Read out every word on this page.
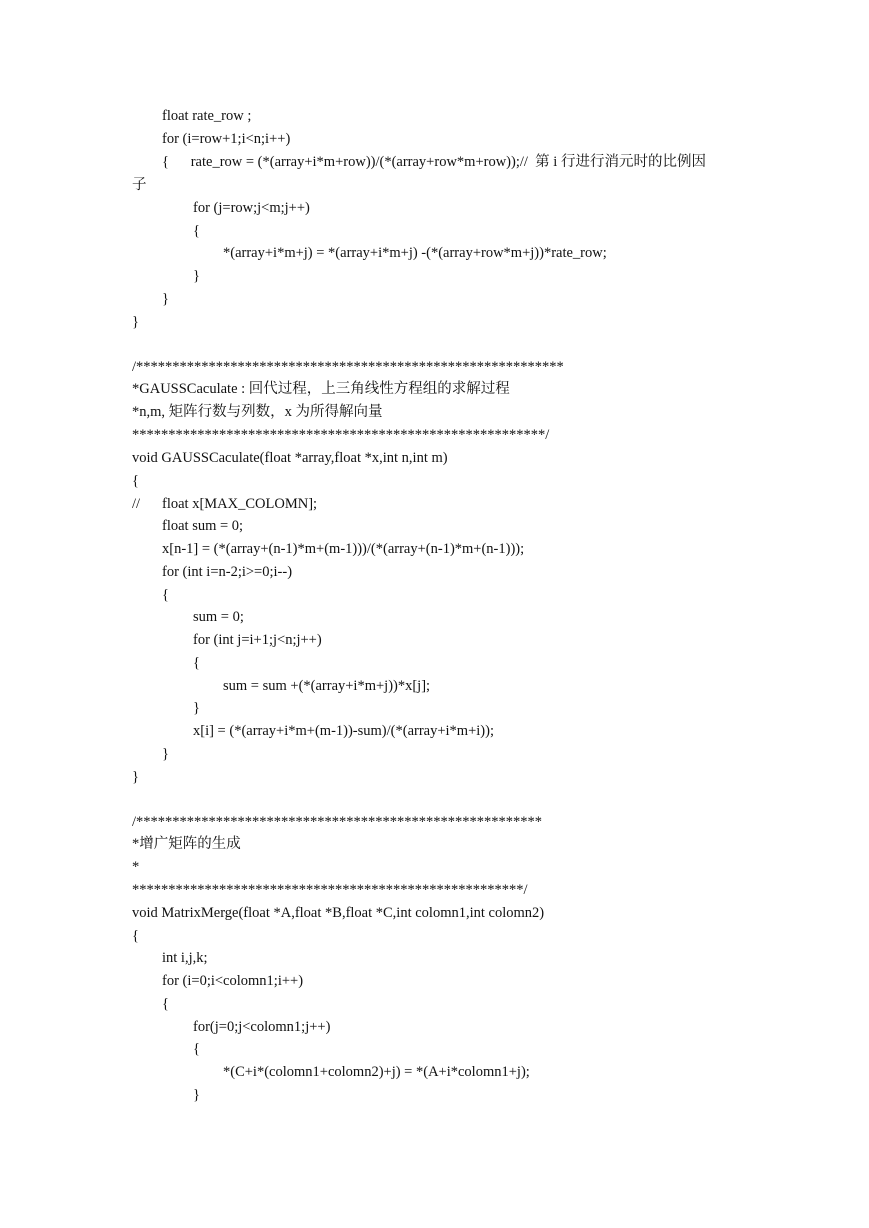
float rate_row ;
for (i=row+1;i<n;i++)
{      rate_row = (*(array+i*m+row))/(*(array+row*m+row));//  第 i 行进行消元时的比例因
子
for (j=row;j<m;j++)
{
*(array+i*m+j) = *(array+i*m+j) -(*(array+row*m+j))*rate_row;
}
}
}
/***********************************************************
*GAUSSCaculate : 回代过程，上三角线性方程组的求解过程
*n,m, 矩阵行数与列数，x 为所得解向量
*********************************************************/
void GAUSSCaculate(float *array,float *x,int n,int m)
{
// float x[MAX_COLOMN];
float sum = 0;
x[n-1] = (*(array+(n-1)*m+(m-1)))/(*(array+(n-1)*m+(n-1)));
for (int i=n-2;i>=0;i--)
{
sum = 0;
for (int j=i+1;j<n;j++)
{
sum = sum +(*(array+i*m+j))*x[j];
}
x[i] = (*(array+i*m+(m-1))-sum)/(*(array+i*m+i));
}
}
/********************************************************
*增广矩阵的生成
*
******************************************************/
void MatrixMerge(float *A,float *B,float *C,int colomn1,int colomn2)
{
int i,j,k;
for (i=0;i<colomn1;i++)
{
for(j=0;j<colomn1;j++)
{
*(C+i*(colomn1+colomn2)+j) = *(A+i*colomn1+j);
}
